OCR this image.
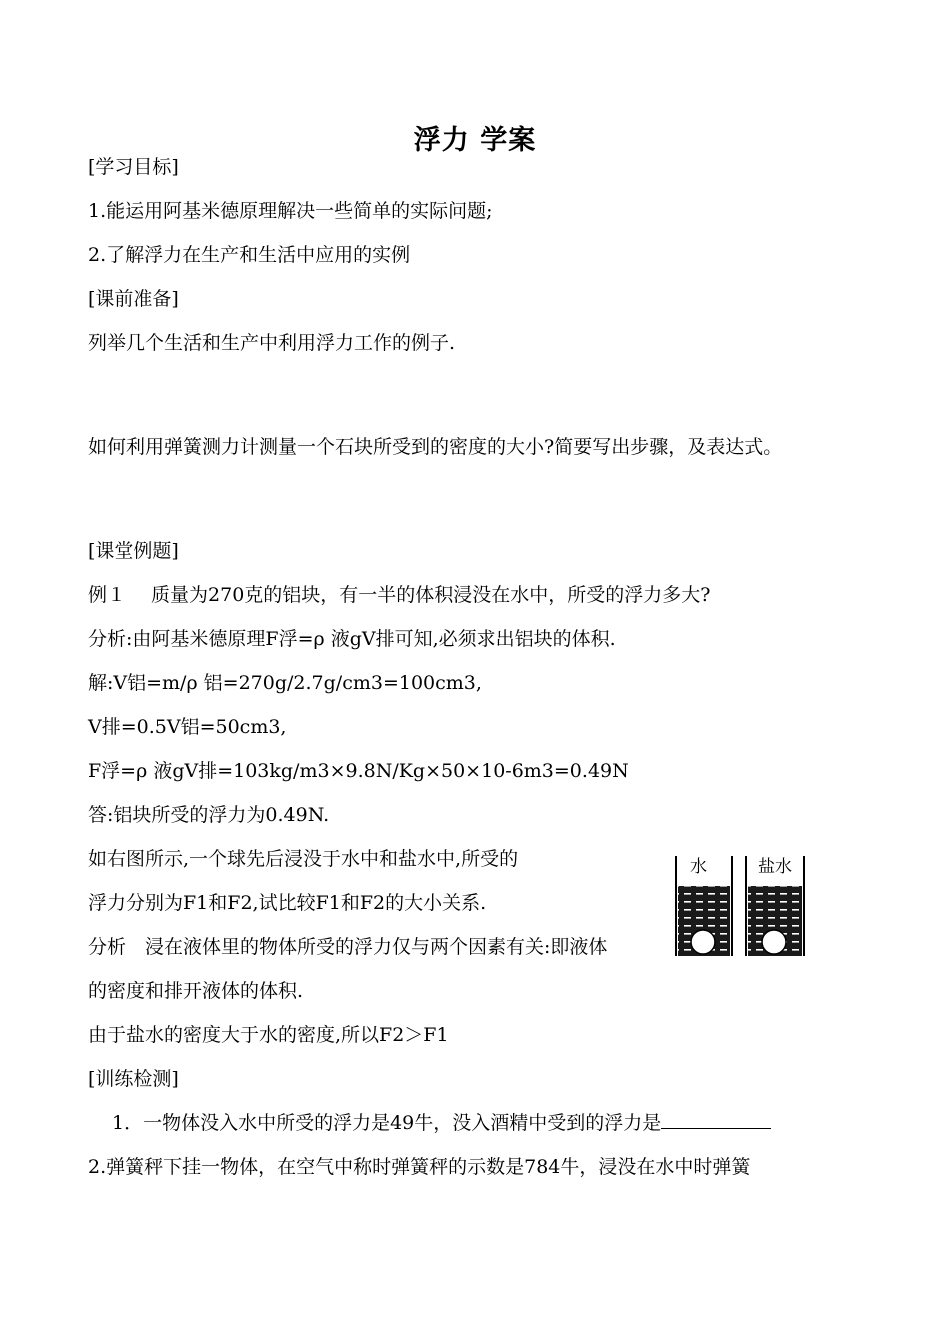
浮力 学案
[学习目标]
1.能运用阿基米德原理解决一些简单的实际问题;
2.了解浮力在生产和生活中应用的实例
[课前准备]
列举几个生活和生产中利用浮力工作的例子.
如何利用弹簧测力计测量一个石块所受到的密度的大小?简要写出步骤，及表达式。
[课堂例题]
例１　 质量为270克的铝块，有一半的体积浸没在水中，所受的浮力多大?
分析:由阿基米德原理F浮=ρ 液gV排可知,必须求出铝块的体积.
解:V铝=m/ρ 铝=270g/2.7g/cm3=100cm3,
V排=0.5V铝=50cm3,
F浮=ρ 液gV排=103kg/m3×9.8N/Kg×50×10-6m3=0.49N
答:铝块所受的浮力为0.49N.
如右图所示,一个球先后浸没于水中和盐水中,所受的
浮力分别为F1和F2,试比较F1和F2的大小关系.
分析　浸在液体里的物体所受的浮力仅与两个因素有关:即液体
的密度和排开液体的体积.
由于盐水的密度大于水的密度,所以F2＞F1
[训练检测]
1．一物体没入水中所受的浮力是49牛，没入酒精中受到的浮力是
2.弹簧秤下挂一物体，在空气中称时弹簧秤的示数是784牛，浸没在水中时弹簧
水	盐水
